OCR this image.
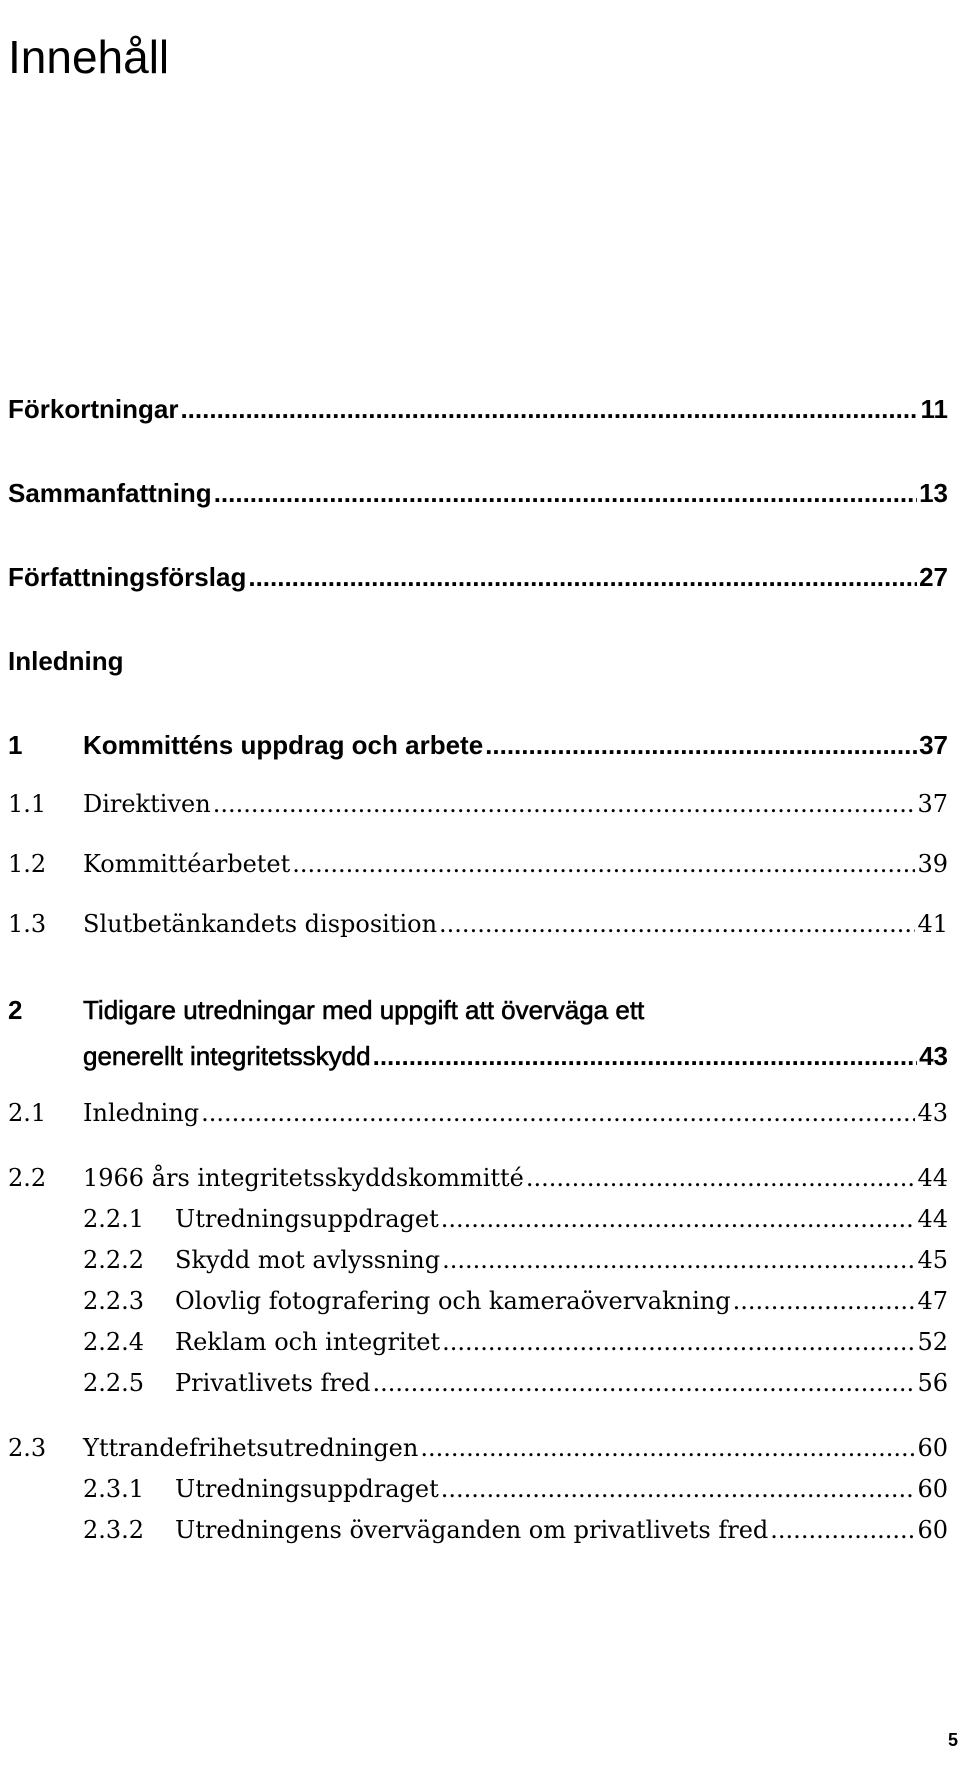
Innehåll
Förkortningar .....	11
Sammanfattning .....	13
Författningsförslag .....	27
Inledning
1	Kommitténs uppdrag och arbete .....	37
1.1	Direktiven .....	37
1.2	Kommittéarbetet .....	39
1.3	Slutbetänkandets disposition .....	41
2	Tidigare utredningar med uppgift att överväga ett
generellt integritetsskydd .....	43
2.1	Inledning .....	43
2.2	1966 års integritetsskyddskommitté .....	44
2.2.1	Utredningsuppdraget .....	44
2.2.2	Skydd mot avlyssning .....	45
2.2.3	Olovlig fotografering och kameraövervakning .....	47
2.2.4	Reklam och integritet .....	52
2.2.5	Privatlivets fred .....	56
2.3	Yttrandefrihetsutredningen .....	60
2.3.1	Utredningsuppdraget .....	60
2.3.2	Utredningens överväganden om privatlivets fred .....	60
5
